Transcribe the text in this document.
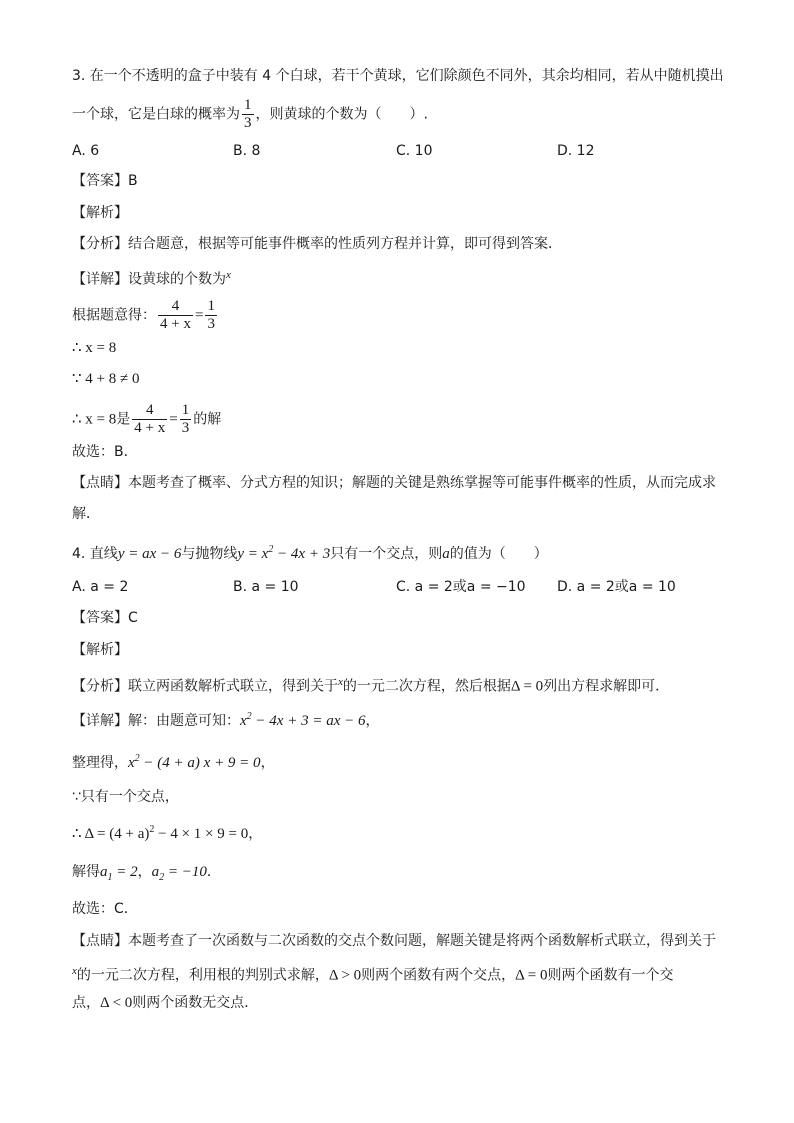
3. 在一个不透明的盒子中装有 4 个白球，若干个黄球，它们除颜色不同外，其余均相同，若从中随机摸出
一个球，它是白球的概率为 $\frac{1}{3}$ ，则黄球的个数为（　　）.
A. 6	B. 8	C. 10	D. 12
【答案】B
【解析】
【分析】结合题意，根据等可能事件概率的性质列方程并计算，即可得到答案．
【详解】设黄球的个数为$^x$
根据题意得： $\frac{4}{4 + x} = \frac{1}{3}$
∴ x = 8
∵ 4 + 8 ≠ 0
∴ x = 8是 $\frac{4}{4 + x} = \frac{1}{3}$ 的解
故选：B．
【点睛】本题考查了概率、分式方程的知识；解题的关键是熟练掌握等可能事件概率的性质，从而完成求
解．
4. 直线y = ax − 6与抛物线$y = x^2 - 4x + 3$只有一个交点，则a的值为（　　）
A. a = 2	B. a = 10	C. a = 2或a = −10 D. a = 2或a = 10
【答案】C
【解析】
【分析】联立两函数解析式联立，得到关于$^x$的一元二次方程，然后根据Δ = 0列出方程求解即可．
【详解】解：由题意可知：$x^2 - 4x + 3$ = ax − 6，
整理得，$x^2 - (4 + a) x + 9 = 0$，
∵只有一个交点，
∴ $\Delta = (4 + a)^2 - 4 \times 1 \times 9 = 0$，
解得$a_1 = 2$，$a_2 = -10$．
故选：C．
【点睛】本题考查了一次函数与二次函数的交点个数问题，解题关键是将两个函数解析式联立，得到关于
$^x$的一元二次方程，利用根的判别式求解，Δ > 0则两个函数有两个交点，Δ = 0则两个函数有一个交
点，Δ < 0则两个函数无交点．
